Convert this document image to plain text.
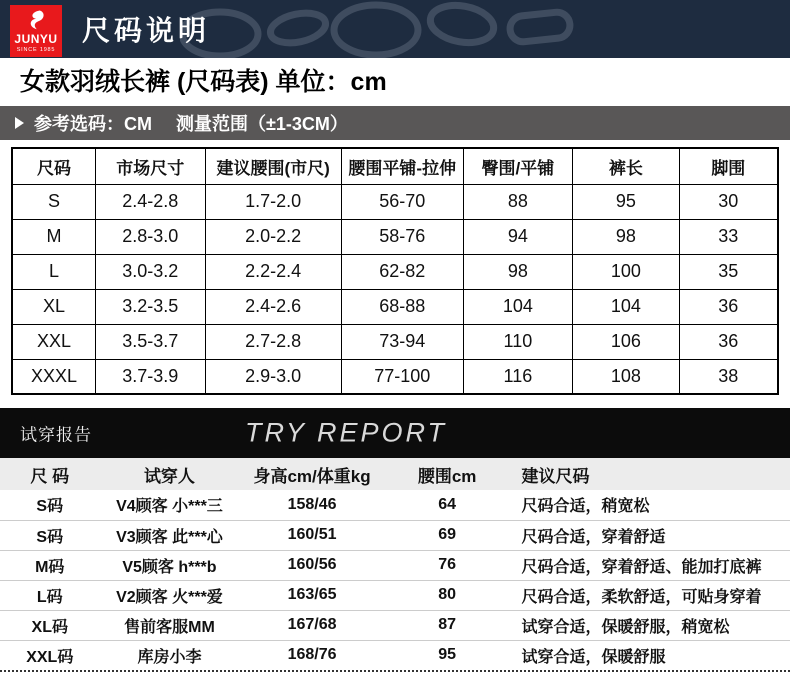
JUNYU
SINCE 1985
尺码说明
女款羽绒长裤 (尺码表) 单位：cm
参考选码：CM 测量范围（±1-3CM）
尺码	市场尺寸	建议腰围(市尺)	腰围平铺-拉伸	臀围/平铺	裤长	脚围
S	2.4-2.8	1.7-2.0	56-70	88	95	30
M	2.8-3.0	2.0-2.2	58-76	94	98	33
L	3.0-3.2	2.2-2.4	62-82	98	100	35
XL	3.2-3.5	2.4-2.6	68-88	104	104	36
XXL	3.5-3.7	2.7-2.8	73-94	110	106	36
XXXL	3.7-3.9	2.9-3.0	77-100	116	108	38
试穿报告	TRY REPORT
尺 码	试穿人	身高cm/体重kg	腰围cm	建议尺码
S码	V4顾客 小***三	158/46	64	尺码合适，稍宽松
S码	V3顾客 此***心	160/51	69	尺码合适，穿着舒适
M码	V5顾客 h***b	160/56	76	尺码合适，穿着舒适、能加打底裤
L码	V2顾客 火***爱	163/65	80	尺码合适，柔软舒适，可贴身穿着
XL码	售前客服MM	167/68	87	试穿合适，保暖舒服，稍宽松
XXL码	库房小李	168/76	95	试穿合适，保暖舒服
